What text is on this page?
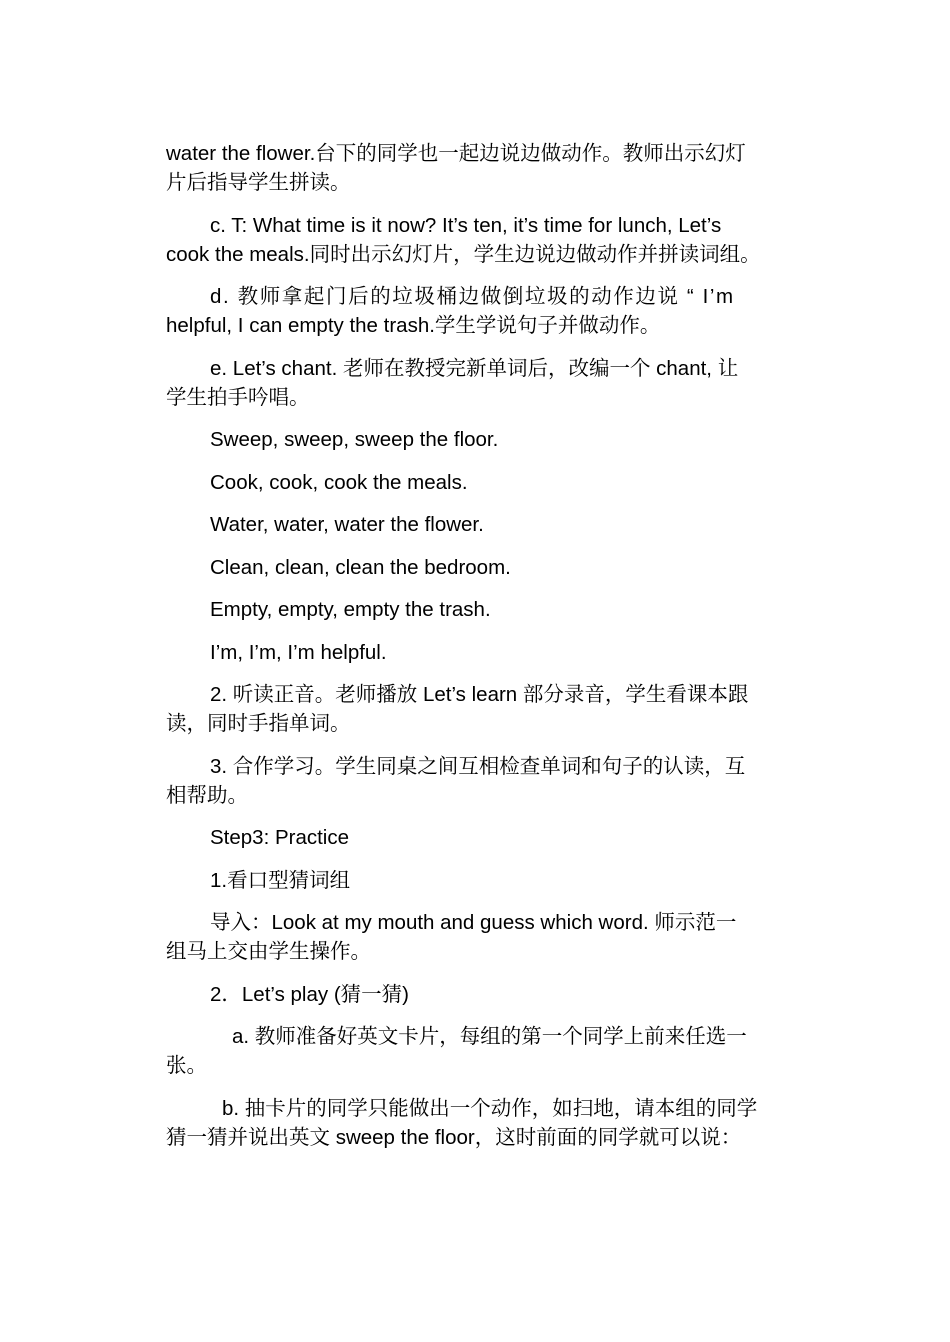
water the flower.台下的同学也一起边说边做动作。教师出示幻灯
片后指导学生拼读。

c. T: What time is it now? It’s ten, it’s time for lunch, Let’s
cook the meals.同时出示幻灯片，学生边说边做动作并拼读词组。

d. 教师拿起门后的垃圾桶边做倒垃圾的动作边说 “ I’m
helpful, I can empty the trash.学生学说句子并做动作。

e. Let’s chant. 老师在教授完新单词后，改编一个 chant, 让
学生拍手吟唱。

Sweep, sweep, sweep the floor.

Cook, cook, cook the meals.

Water, water, water the flower.

Clean, clean, clean the bedroom.

Empty, empty, empty the trash.

I’m, I’m, I’m helpful.

2. 听读正音。老师播放 Let’s learn 部分录音，学生看课本跟
读，同时手指单词。

3. 合作学习。学生同桌之间互相检查单词和句子的认读，互
相帮助。

Step3: Practice

1.看口型猜词组

导入：Look at my mouth and guess which word. 师示范一
组马上交由学生操作。

2．Let’s play (猜一猜)

a. 教师准备好英文卡片，每组的第一个同学上前来任选一
张。

b. 抽卡片的同学只能做出一个动作，如扫地，请本组的同学
猜一猜并说出英文 sweep the floor，这时前面的同学就可以说：
